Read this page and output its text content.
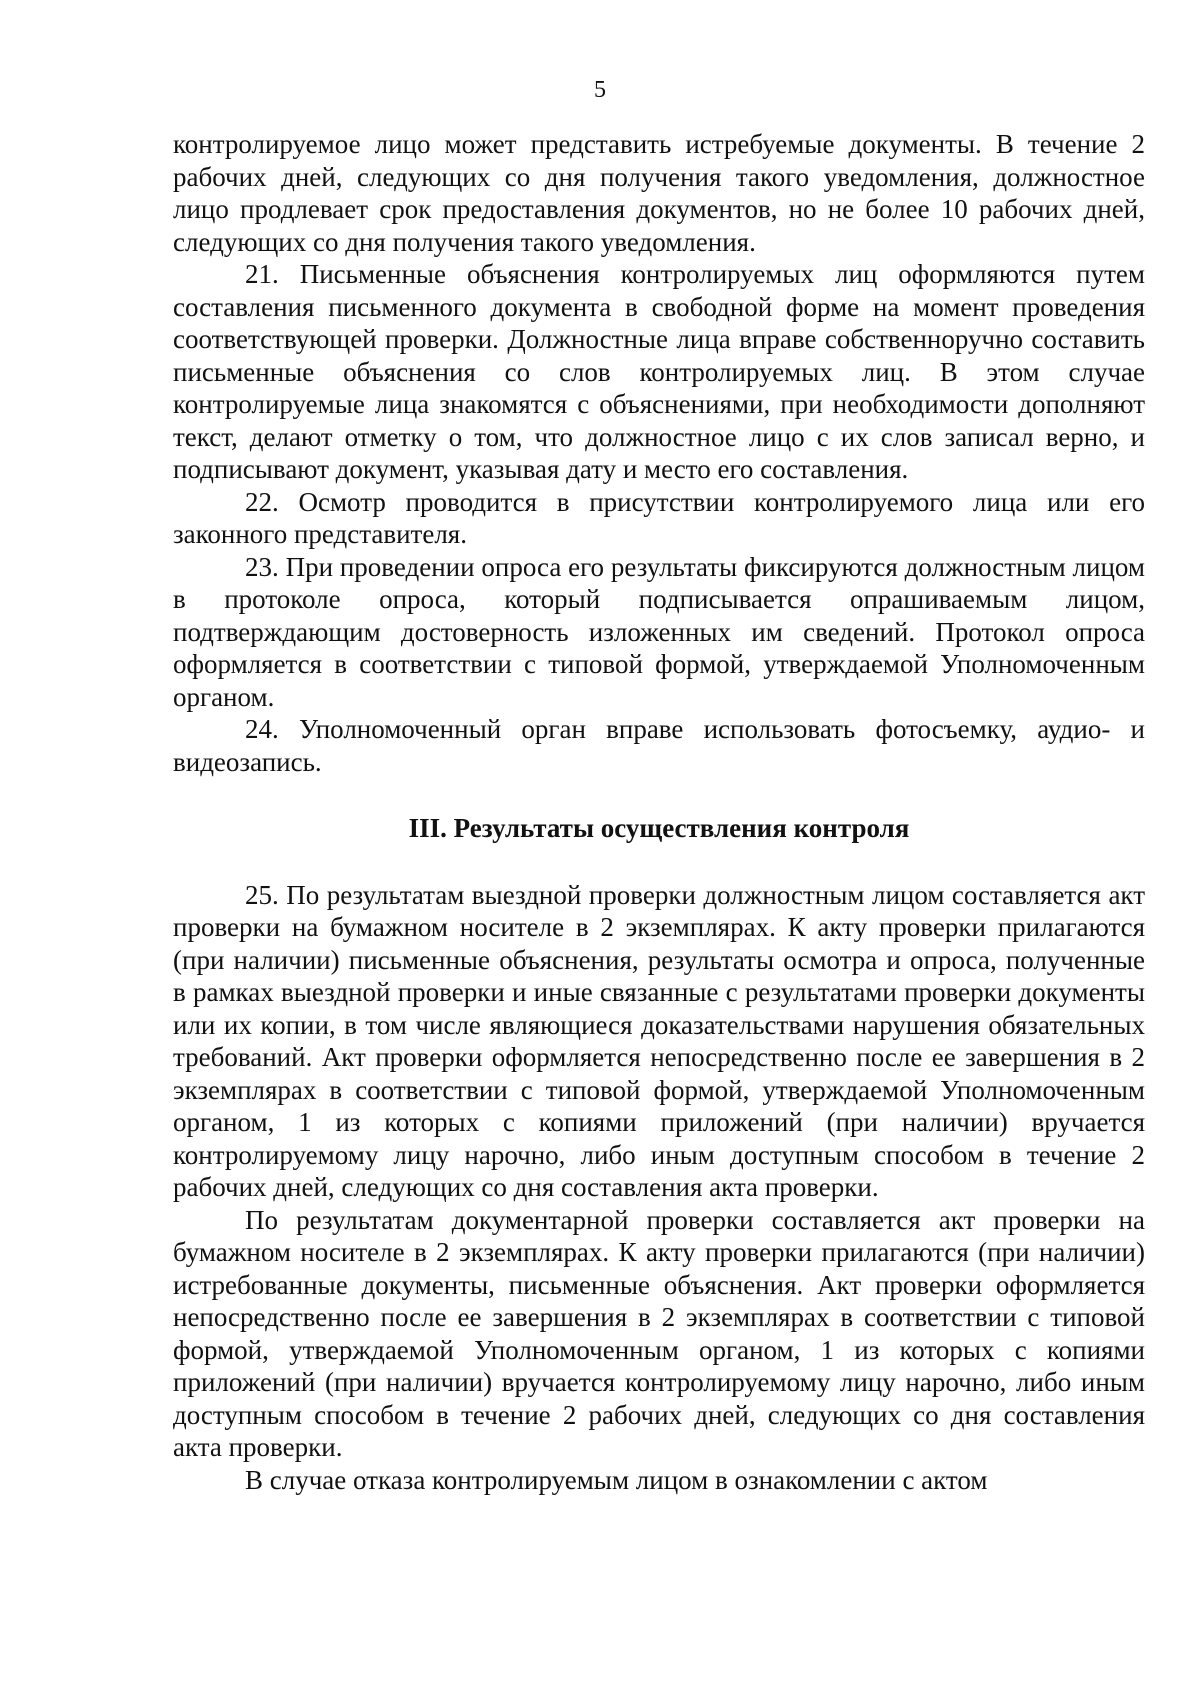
5

контролируемое лицо может представить истребуемые документы. В течение 2 рабочих дней, следующих со дня получения такого уведомления, должностное лицо продлевает срок предоставления документов, но не более 10 рабочих дней, следующих со дня получения такого уведомления.

21. Письменные объяснения контролируемых лиц оформляются путем составления письменного документа в свободной форме на момент проведения соответствующей проверки. Должностные лица вправе собственноручно составить письменные объяснения со слов контролируемых лиц. В этом случае контролируемые лица знакомятся с объяснениями, при необходимости дополняют текст, делают отметку о том, что должностное лицо с их слов записал верно, и подписывают документ, указывая дату и место его составления.

22. Осмотр проводится в присутствии контролируемого лица или его законного представителя.

23. При проведении опроса его результаты фиксируются должностным лицом в протоколе опроса, который подписывается опрашиваемым лицом, подтверждающим достоверность изложенных им сведений. Протокол опроса оформляется в соответствии с типовой формой, утверждаемой Уполномоченным органом.

24. Уполномоченный орган вправе использовать фотосъемку, аудио- и видеозапись.

III. Результаты осуществления контроля

25. По результатам выездной проверки должностным лицом составляется акт проверки на бумажном носителе в 2 экземплярах. К акту проверки прилагаются (при наличии) письменные объяснения, результаты осмотра и опроса, полученные в рамках выездной проверки и иные связанные с результатами проверки документы или их копии, в том числе являющиеся доказательствами нарушения обязательных требований. Акт проверки оформляется непосредственно после ее завершения в 2 экземплярах в соответствии с типовой формой, утверждаемой Уполномоченным органом, 1 из которых с копиями приложений (при наличии) вручается контролируемому лицу нарочно, либо иным доступным способом в течение 2 рабочих дней, следующих со дня составления акта проверки.

По результатам документарной проверки составляется акт проверки на бумажном носителе в 2 экземплярах. К акту проверки прилагаются (при наличии) истребованные документы, письменные объяснения. Акт проверки оформляется непосредственно после ее завершения в 2 экземплярах в соответствии с типовой формой, утверждаемой Уполномоченным органом, 1 из которых с копиями приложений (при наличии) вручается контролируемому лицу нарочно, либо иным доступным способом в течение 2 рабочих дней, следующих со дня составления акта проверки.

В случае отказа контролируемым лицом в ознакомлении с актом
